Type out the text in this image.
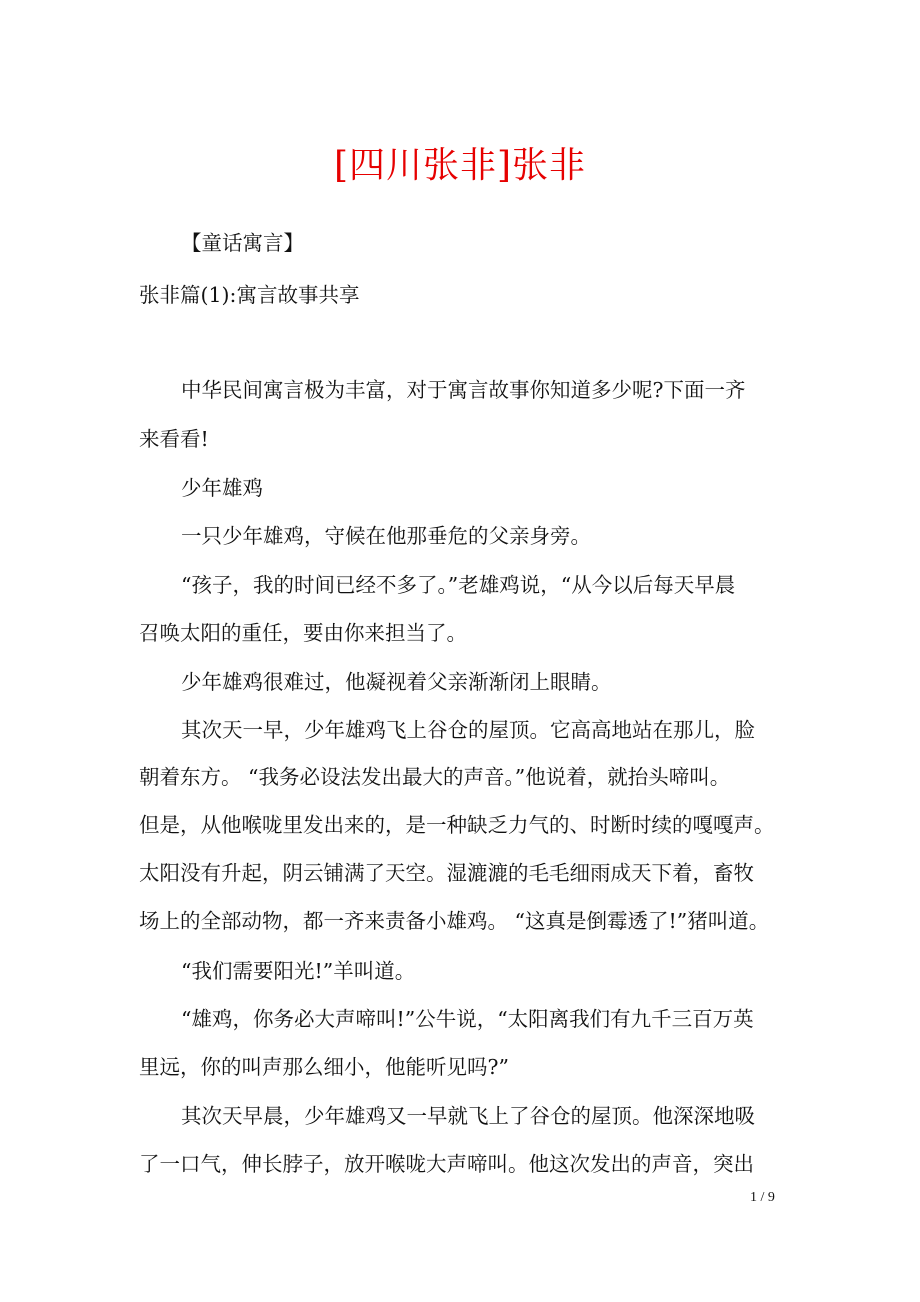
[四川张非]张非
【童话寓言】
张非篇(1):寓言故事共享
中华民间寓言极为丰富，对于寓言故事你知道多少呢?下面一齐
来看看!
少年雄鸡
一只少年雄鸡，守候在他那垂危的父亲身旁。
“孩子，我的时间已经不多了。”老雄鸡说，“从今以后每天早晨
召唤太阳的重任，要由你来担当了。
少年雄鸡很难过，他凝视着父亲渐渐闭上眼睛。
其次天一早，少年雄鸡飞上谷仓的屋顶。它高高地站在那儿，脸
朝着东方。 “我务必设法发出最大的声音。”他说着，就抬头啼叫。
但是，从他喉咙里发出来的，是一种缺乏力气的、时断时续的嘎嘎声。
太阳没有升起，阴云铺满了天空。湿漉漉的毛毛细雨成天下着，畜牧
场上的全部动物，都一齐来责备小雄鸡。 “这真是倒霉透了!”猪叫道。
“我们需要阳光!”羊叫道。
“雄鸡，你务必大声啼叫!”公牛说，“太阳离我们有九千三百万英
里远，你的叫声那么细小，他能听见吗?”
其次天早晨，少年雄鸡又一早就飞上了谷仓的屋顶。他深深地吸
了一口气，伸长脖子，放开喉咙大声啼叫。他这次发出的声音，突出
1 / 9
